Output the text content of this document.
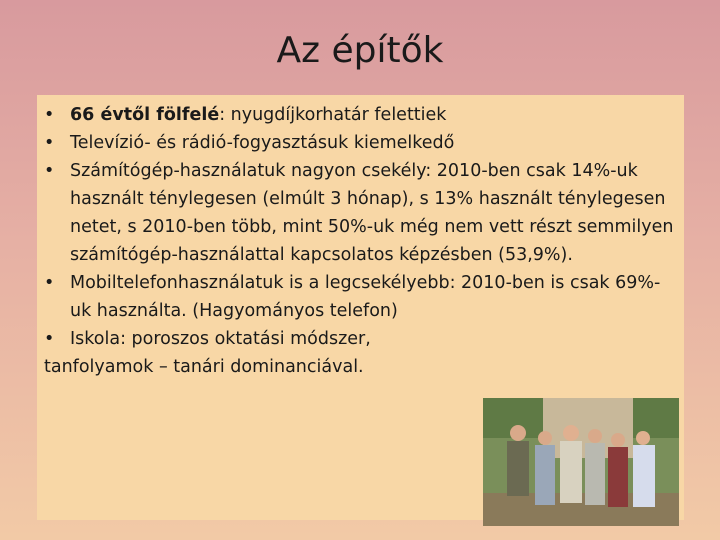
Az építők
• 66 évtől fölfelé: nyugdíjkorhatár felettiek
• Televízió- és rádió-fogyasztásuk kiemelkedő
• Számítógép-használatuk nagyon csekély: 2010-ben csak 14%-uk használt ténylegesen (elmúlt 3 hónap), s 13% használt ténylegesen netet, s 2010-ben több, mint 50%-uk még nem vett részt semmilyen számítógép-használattal kapcsolatos képzésben (53,9%).
• Mobiltelefonhasználatuk is a legcsekélyebb: 2010-ben is csak 69%-uk használta. (Hagyományos telefon)
• Iskola: poroszos oktatási módszer,
tanfolyamok – tanári dominanciával.
